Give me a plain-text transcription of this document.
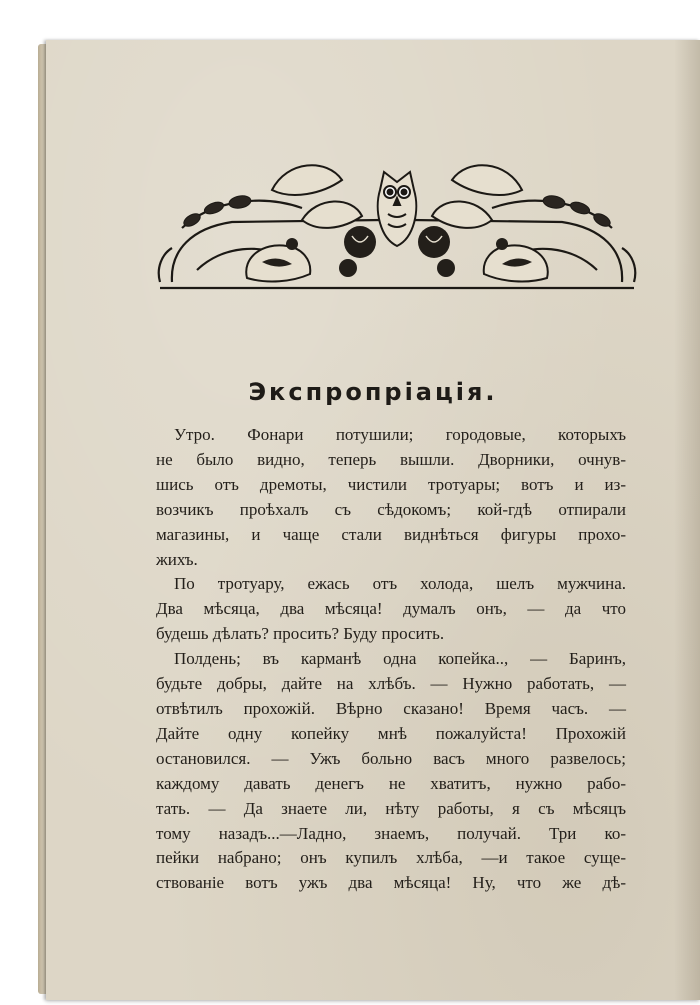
Экспропріація.
Утро. Фонари потушили; городовые, которыхъ
не было видно, теперь вышли. Дворники, очнув-
шись отъ дремоты, чистили тротуары; вотъ и из-
возчикъ проѣхалъ съ сѣдокомъ; кой-гдѣ отпирали
магазины, и чаще стали виднѣться фигуры прохо-
жихъ.
По тротуару, ежась отъ холода, шелъ мужчина.
Два мѣсяца, два мѣсяца! думалъ онъ, — да что
будешь дѣлать? просить? Буду просить.
Полдень; въ карманѣ одна копейка.., — Баринъ,
будьте добры, дайте на хлѣбъ. — Нужно работать, —
отвѣтилъ прохожій. Вѣрно сказано! Время часъ. —
Дайте одну копейку мнѣ пожалуйста! Прохожій
остановился. — Ужъ больно васъ много развелось;
каждому давать денегъ не хватитъ, нужно рабо-
тать. — Да знаете ли, нѣту работы, я съ мѣсяцъ
тому назадъ...—Ладно, знаемъ, получай. Три ко-
пейки набрано; онъ купилъ хлѣба, —и такое суще-
ствованіе вотъ ужъ два мѣсяца! Ну, что же дѣ-
